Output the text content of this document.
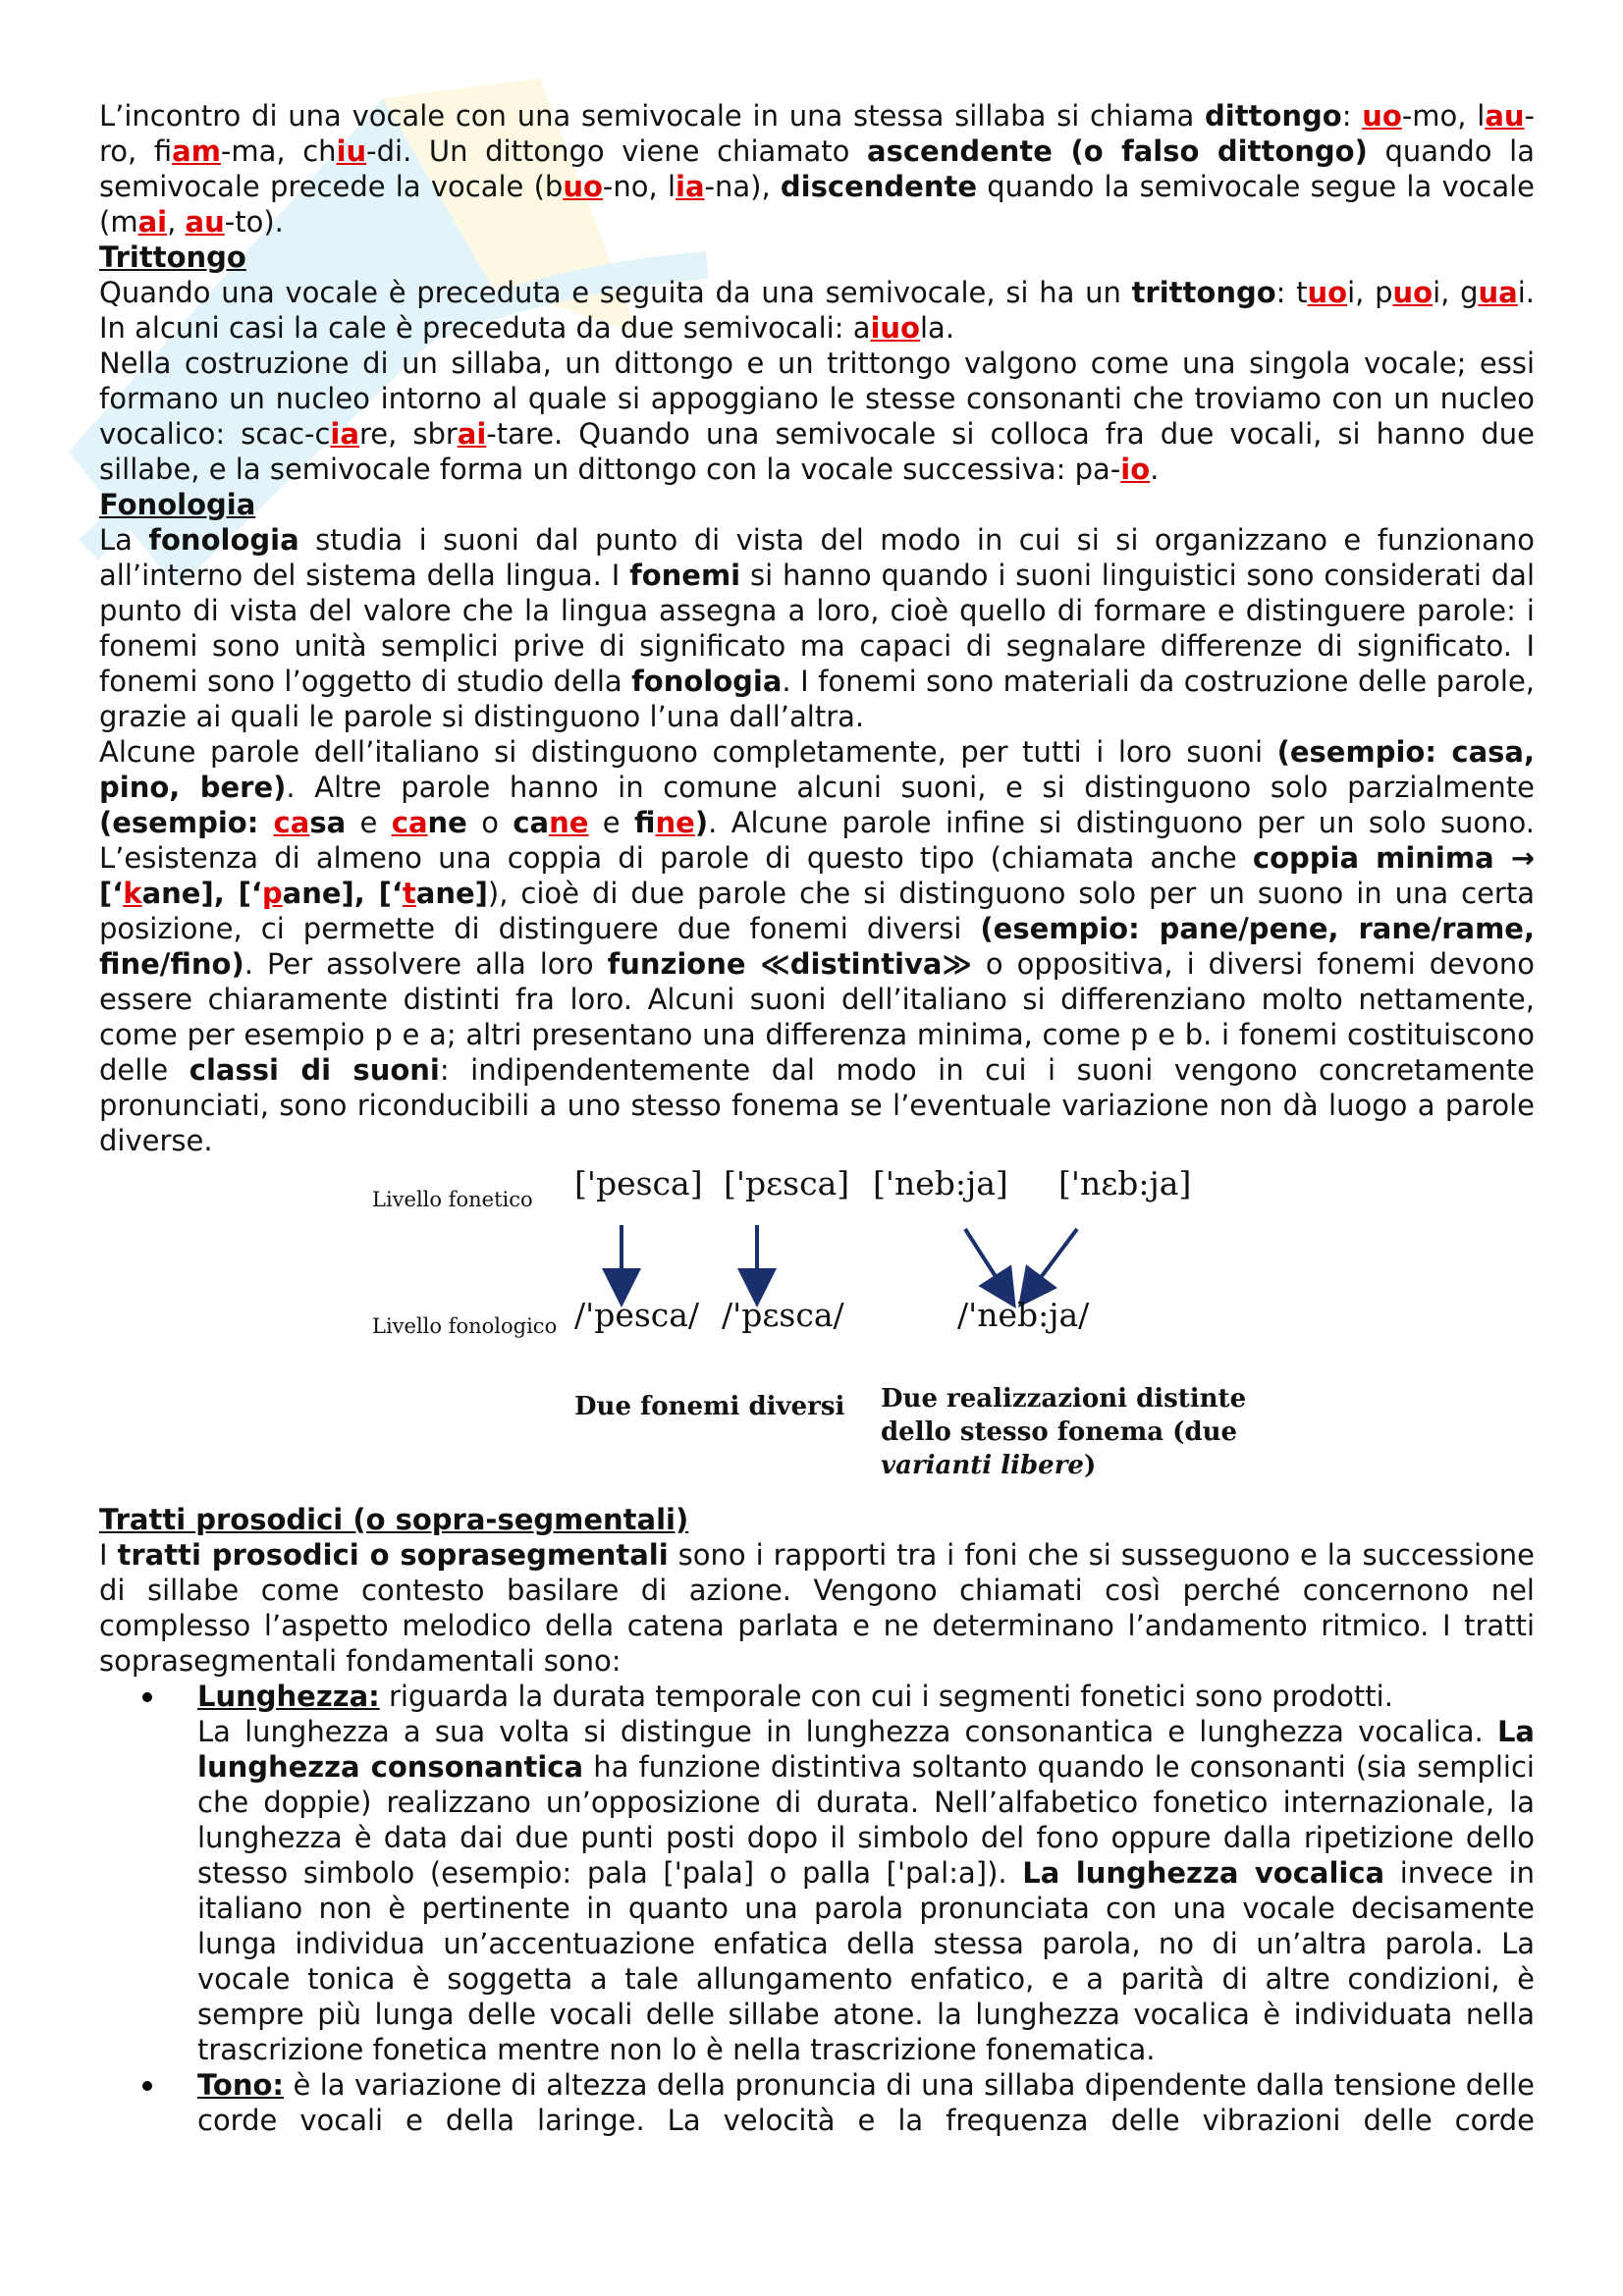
L’incontro di una vocale con una semivocale in una stessa sillaba si chiama dittongo: uo-mo, lau-ro, fiam-ma, chiu-di. Un dittongo viene chiamato ascendente (o falso dittongo) quando la semivocale precede la vocale (buo-no, lia-na), discendente quando la semivocale segue la vocale (mai, au-to).

Trittongo

Quando una vocale è preceduta e seguita da una semivocale, si ha un trittongo: tuoi, puoi, guai. In alcuni casi la cale è preceduta da due semivocali: aiuola.

Nella costruzione di un sillaba, un dittongo e un trittongo valgono come una singola vocale; essi formano un nucleo intorno al quale si appoggiano le stesse consonanti che troviamo con un nucleo vocalico: scac-ciare, sbrai-tare. Quando una semivocale si colloca fra due vocali, si hanno due sillabe, e la semivocale forma un dittongo con la vocale successiva: pa-io.

Fonologia

La fonologia studia i suoni dal punto di vista del modo in cui si si organizzano e funzionano all’interno del sistema della lingua. I fonemi si hanno quando i suoni linguistici sono considerati dal punto di vista del valore che la lingua assegna a loro, cioè quello di formare e distinguere parole: i fonemi sono unità semplici prive di significato ma capaci di segnalare differenze di significato. I fonemi sono l’oggetto di studio della fonologia. I fonemi sono materiali da costruzione delle parole, grazie ai quali le parole si distinguono l’una dall’altra.

Alcune parole dell’italiano si distinguono completamente, per tutti i loro suoni (esempio: casa, pino, bere). Altre parole hanno in comune alcuni suoni, e si distinguono solo parzialmente (esempio: casa e cane o cane e fine). Alcune parole infine si distinguono per un solo suono. L’esistenza di almeno una coppia di parole di questo tipo (chiamata anche coppia minima → [‘kane], [‘pane], [‘tane]), cioè di due parole che si distinguono solo per un suono in una certa posizione, ci permette di distinguere due fonemi diversi (esempio: pane/pene, rane/rame, fine/fino). Per assolvere alla loro funzione ≪distintiva≫ o oppositiva, i diversi fonemi devono essere chiaramente distinti fra loro. Alcuni suoni dell’italiano si differenziano molto nettamente, come per esempio p e a; altri presentano una differenza minima, come p e b. i fonemi costituiscono delle classi di suoni: indipendentemente dal modo in cui i suoni vengono concretamente pronunciati, sono riconducibili a uno stesso fonema se l’eventuale variazione non dà luogo a parole diverse.

Livello fonetico ['pesca] ['pεsca] ['neb:ja] ['nεb:ja]
Livello fonologico /'pesca/ /'pεsca/	/'neb:ja/
Due fonemi diversi Due realizzazioni distinte
dello stesso fonema (due
varianti libere)

Tratti prosodici (o sopra-segmentali)

I tratti prosodici o soprasegmentali sono i rapporti tra i foni che si susseguono e la successione di sillabe come contesto basilare di azione. Vengono chiamati così perché concernono nel complesso l’aspetto melodico della catena parlata e ne determinano l’andamento ritmico. I tratti soprasegmentali fondamentali sono:

Lunghezza: riguarda la durata temporale con cui i segmenti fonetici sono prodotti.

La lunghezza a sua volta si distingue in lunghezza consonantica e lunghezza vocalica. La lunghezza consonantica ha funzione distintiva soltanto quando le consonanti (sia semplici che doppie) realizzano un’opposizione di durata. Nell’alfabetico fonetico internazionale, la lunghezza è data dai due punti posti dopo il simbolo del fono oppure dalla ripetizione dello stesso simbolo (esempio: pala ['pala] o palla ['pal:a]). La lunghezza vocalica invece in italiano non è pertinente in quanto una parola pronunciata con una vocale decisamente lunga individua un’accentuazione enfatica della stessa parola, no di un’altra parola. La vocale tonica è soggetta a tale allungamento enfatico, e a parità di altre condizioni, è sempre più lunga delle vocali delle sillabe atone. la lunghezza vocalica è individuata nella trascrizione fonetica mentre non lo è nella trascrizione fonematica.

Tono: è la variazione di altezza della pronuncia di una sillaba dipendente dalla tensione delle corde vocali e della laringe. La velocità e la frequenza delle vibrazioni delle corde
